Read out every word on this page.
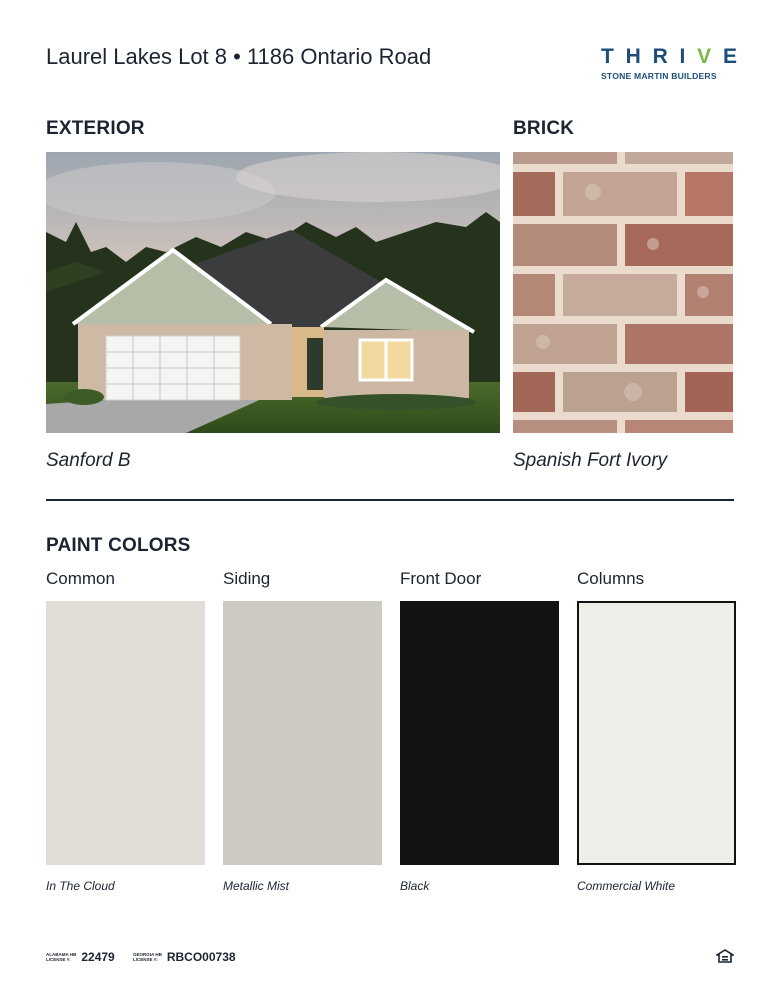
Laurel Lakes Lot 8 • 1186 Ontario Road	T H R I V E
STONE MARTIN BUILDERS
EXTERIOR
Sanford B
BRICK
Spanish Fort Ivory
PAINT COLORS
Common	Siding	Front Door	Columns
In The Cloud	Metallic Mist	Black	Commercial White
ALABAMA HB
LICENSE #: 22479	GEORGIA HB
LICENSE #: RBCO00738
